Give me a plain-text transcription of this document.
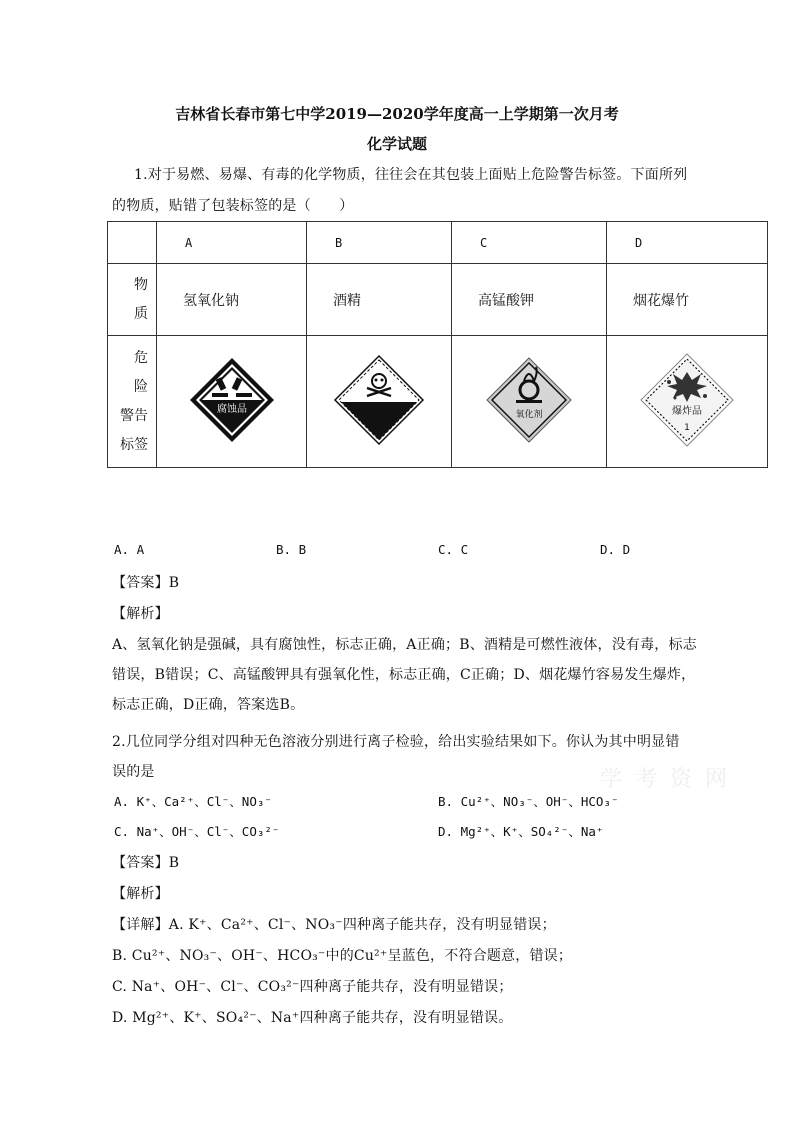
吉林省长春市第七中学2019—2020学年度高一上学期第一次月考
化学试题
1.对于易燃、易爆、有毒的化学物质，往往会在其包装上面贴上危险警告标签。下面所列
的物质，贴错了包装标签的是（　　）
	A	B	C	D

物
质	氢氧化钠	酒精	高锰酸钾	烟花爆竹

危
险
警告
标签	腐蚀品		氧化剂	爆炸品
1
A. A	B. B	C. C	D. D
【答案】B
【解析】
A、氢氧化钠是强碱，具有腐蚀性，标志正确，A正确；B、酒精是可燃性液体，没有毒，标志
错误，B错误；C、高锰酸钾具有强氧化性，标志正确，C正确；D、烟花爆竹容易发生爆炸，
标志正确，D正确，答案选B。
2.几位同学分组对四种无色溶液分别进行离子检验，给出实验结果如下。你认为其中明显错
误的是	学 考 资 网
A. K⁺、Ca²⁺、Cl⁻、NO₃⁻	B. Cu²⁺、NO₃⁻、OH⁻、HCO₃⁻
C. Na⁺、OH⁻、Cl⁻、CO₃²⁻	D. Mg²⁺、K⁺、SO₄²⁻、Na⁺
【答案】B
【解析】
【详解】A. K⁺、Ca²⁺、Cl⁻、NO₃⁻四种离子能共存，没有明显错误；
B. Cu²⁺、NO₃⁻、OH⁻、HCO₃⁻中的Cu²⁺呈蓝色，不符合题意，错误；
C. Na⁺、OH⁻、Cl⁻、CO₃²⁻四种离子能共存，没有明显错误；
D. Mg²⁺、K⁺、SO₄²⁻、Na⁺四种离子能共存，没有明显错误。
